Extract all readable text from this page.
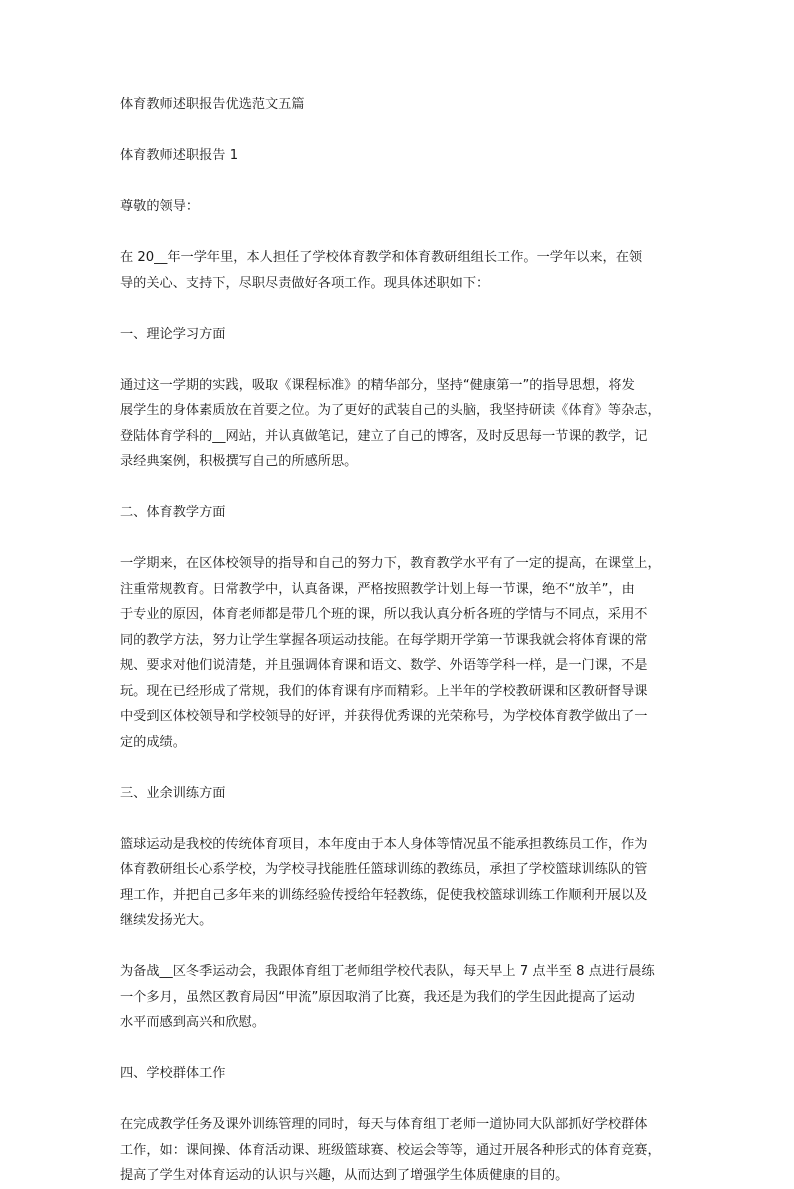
体育教师述职报告优选范文五篇

体育教师述职报告 1

尊敬的领导：

在 20__年一学年里，本人担任了学校体育教学和体育教研组组长工作。一学年以来，在领

导的关心、支持下，尽职尽责做好各项工作。现具体述职如下：

一、理论学习方面

通过这一学期的实践，吸取《课程标准》的精华部分，坚持“健康第一”的指导思想，将发

展学生的身体素质放在首要之位。为了更好的武装自己的头脑，我坚持研读《体育》等杂志，

登陆体育学科的__网站，并认真做笔记，建立了自己的博客，及时反思每一节课的教学，记

录经典案例，积极撰写自己的所感所思。

二、体育教学方面

一学期来，在区体校领导的指导和自己的努力下，教育教学水平有了一定的提高，在课堂上，

注重常规教育。日常教学中，认真备课，严格按照教学计划上每一节课，绝不“放羊”，由

于专业的原因，体育老师都是带几个班的课，所以我认真分析各班的学情与不同点，采用不

同的教学方法，努力让学生掌握各项运动技能。在每学期开学第一节课我就会将体育课的常

规、要求对他们说清楚，并且强调体育课和语文、数学、外语等学科一样，是一门课，不是

玩。现在已经形成了常规，我们的体育课有序而精彩。上半年的学校教研课和区教研督导课

中受到区体校领导和学校领导的好评，并获得优秀课的光荣称号，为学校体育教学做出了一

定的成绩。

三、业余训练方面

篮球运动是我校的传统体育项目，本年度由于本人身体等情况虽不能承担教练员工作，作为

体育教研组长心系学校，为学校寻找能胜任篮球训练的教练员，承担了学校篮球训练队的管

理工作，并把自己多年来的训练经验传授给年轻教练，促使我校篮球训练工作顺利开展以及

继续发扬光大。

为备战__区冬季运动会，我跟体育组丁老师组学校代表队，每天早上 7 点半至 8 点进行晨练

一个多月，虽然区教育局因“甲流”原因取消了比赛，我还是为我们的学生因此提高了运动

水平而感到高兴和欣慰。

四、学校群体工作

在完成教学任务及课外训练管理的同时，每天与体育组丁老师一道协同大队部抓好学校群体

工作，如：课间操、体育活动课、班级篮球赛、校运会等等，通过开展各种形式的体育竞赛，

提高了学生对体育运动的认识与兴趣，从而达到了增强学生体质健康的目的。
